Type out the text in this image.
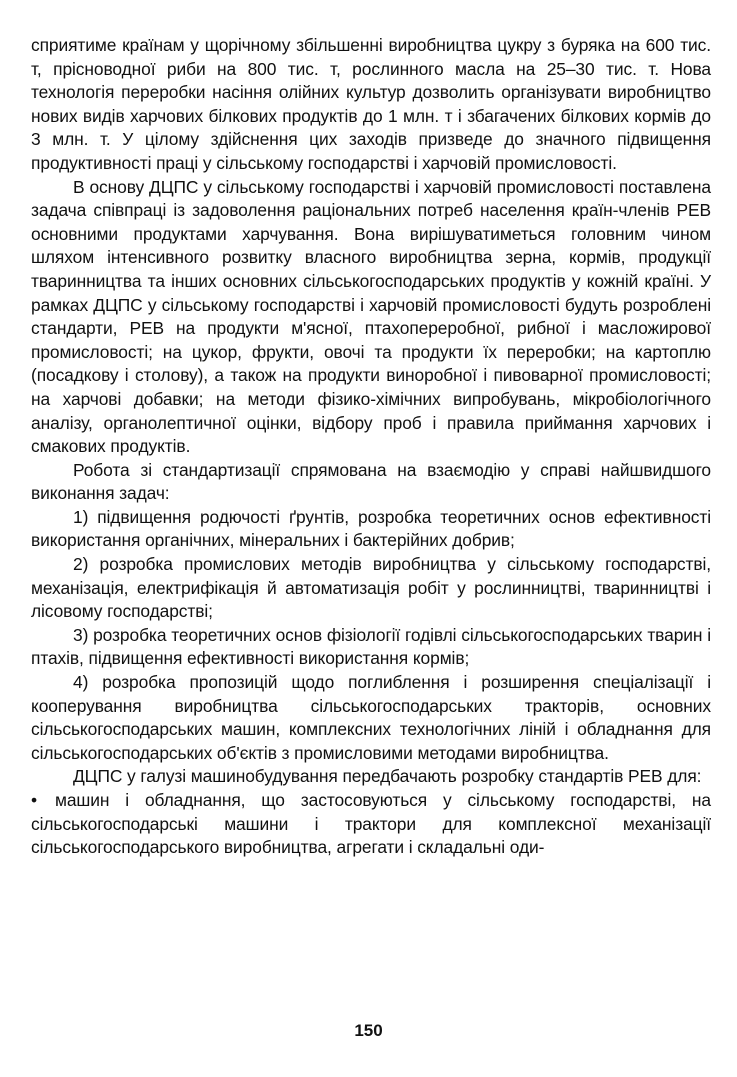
сприятиме країнам у щорічному збільшенні виробництва цукру з буряка на 600 тис. т, прісноводної риби на 800 тис. т, рослинного масла на 25–30 тис. т. Нова технологія переробки насіння олійних культур дозволить організувати виробництво нових видів харчових білкових продуктів до 1 млн. т і збагачених білкових кормів до 3 млн. т. У цілому здійснення цих заходів призведе до значного підвищення продуктивності праці у сільському господарстві і харчовій промисловості.

В основу ДЦПС у сільському господарстві і харчовій промисловості поставлена задача співпраці із задоволення раціональних потреб населення країн-членів РЕВ основними продуктами харчування. Вона вирішуватиметься головним чином шляхом інтенсивного розвитку власного виробництва зерна, кормів, продукції тваринництва та інших основних сільськогосподарських продуктів у кожній країні. У рамках ДЦПС у сільському господарстві і харчовій промисловості будуть розроблені стандарти, РЕВ на продукти м'ясної, птахопереробної, рибної і масложирової промисловості; на цукор, фрукти, овочі та продукти їх переробки; на картоплю (посадкову і столову), а також на продукти виноробної і пивоварної промисловості; на харчові добавки; на методи фізико-хімічних випробувань, мікробіологічного аналізу, органолептичної оцінки, відбору проб і правила приймання харчових і смакових продуктів.

Робота зі стандартизації спрямована на взаємодію у справі найшвидшого виконання задач:

1) підвищення родючості ґрунтів, розробка теоретичних основ ефективності використання органічних, мінеральних і бактерійних добрив;

2) розробка промислових методів виробництва у сільському господарстві, механізація, електрифікація й автоматизація робіт у рослинництві, тваринництві і лісовому господарстві;

3) розробка теоретичних основ фізіології годівлі сільськогосподарських тварин і птахів, підвищення ефективності використання кормів;

4) розробка пропозицій щодо поглиблення і розширення спеціалізації і кооперування виробництва сільськогосподарських тракторів, основних сільськогосподарських машин, комплексних технологічних ліній і обладнання для сільськогосподарських об'єктів з промисловими методами виробництва.

ДЦПС у галузі машинобудування передбачають розробку стандартів РЕВ для:

• машин і обладнання, що застосовуються у сільському господарстві, на сільськогосподарські машини і трактори для комплексної механізації сільськогосподарського виробництва, агрегати і складальні оди-

150
